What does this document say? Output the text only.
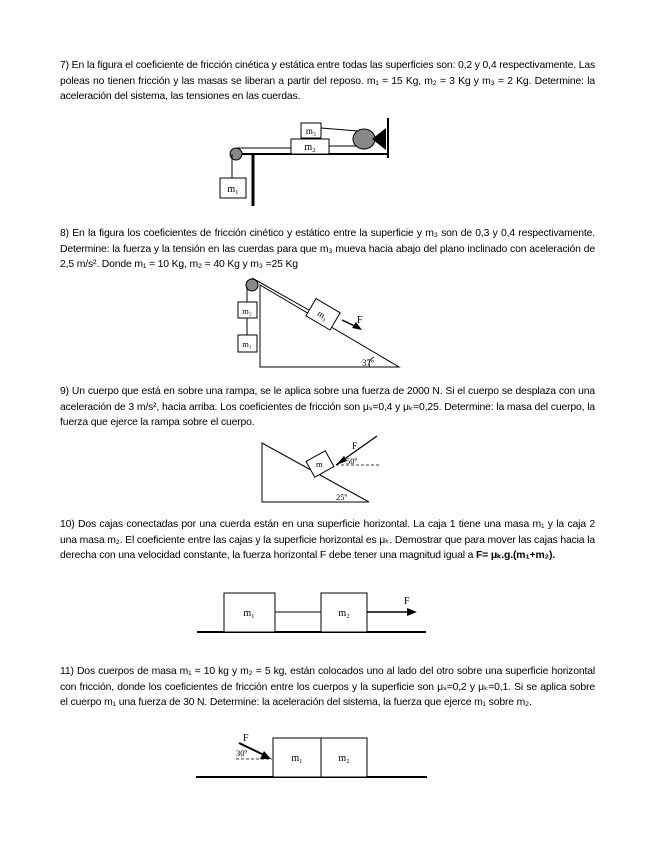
7) En la figura el coeficiente de fricción cinética y estática entre todas las superficies son: 0,2 y 0,4 respectivamente. Las poleas no tienen fricción y las masas se liberan a partir del reposo. m₁ = 15 Kg, m₂ = 3 Kg y m₃ = 2 Kg. Determine: la aceleración del sistema, las tensiones en las cuerdas.

m₁
m₂
m₃

8) En la figura los coeficientes de fricción cinético y estático entre la superficie y m₃ son de 0,3 y 0,4 respectivamente. Determine: la fuerza y la tensión en las cuerdas para que m₃ mueva hacia abajo del plano inclinado con aceleración de 2,5 m/s². Donde m₁ = 10 Kg, m₂ = 40 Kg y m₃ =25 Kg

m₂
m₁
m₃	F
37º

9) Un cuerpo que está en sobre una rampa, se le aplica sobre una fuerza de 2000 N. Si el cuerpo se desplaza con una aceleración de 3 m/s², hacia arriba. Los coeficientes de fricción son μₛ=0,4 y μₖ=0,25. Determine: la masa del cuerpo, la fuerza que ejerce la rampa sobre el cuerpo.

m
F
50º
25º

10) Dos cajas conectadas por una cuerda están en una superficie horizontal. La caja 1 tiene una masa m₁ y la caja 2 una masa m₂. El coeficiente entre las cajas y la superficie horizontal es μₖ. Demostrar que para mover las cajas hacia la derecha con una velocidad constante, la fuerza horizontal F debe tener una magnitud igual a F= μₖ.g.(m₁+m₂).

m₁	m₂
F

11) Dos cuerpos de masa m₁ = 10 kg y m₂ = 5 kg, están colocados uno al lado del otro sobre una superficie horizontal con fricción, donde los coeficientes de fricción entre los cuerpos y la superficie son μₛ=0,2 y μₖ=0,1. Si se aplica sobre el cuerpo m₁ una fuerza de 30 N. Determine: la aceleración del sistema, la fuerza que ejerce m₁ sobre m₂.

m₁	m₂
F
30º
